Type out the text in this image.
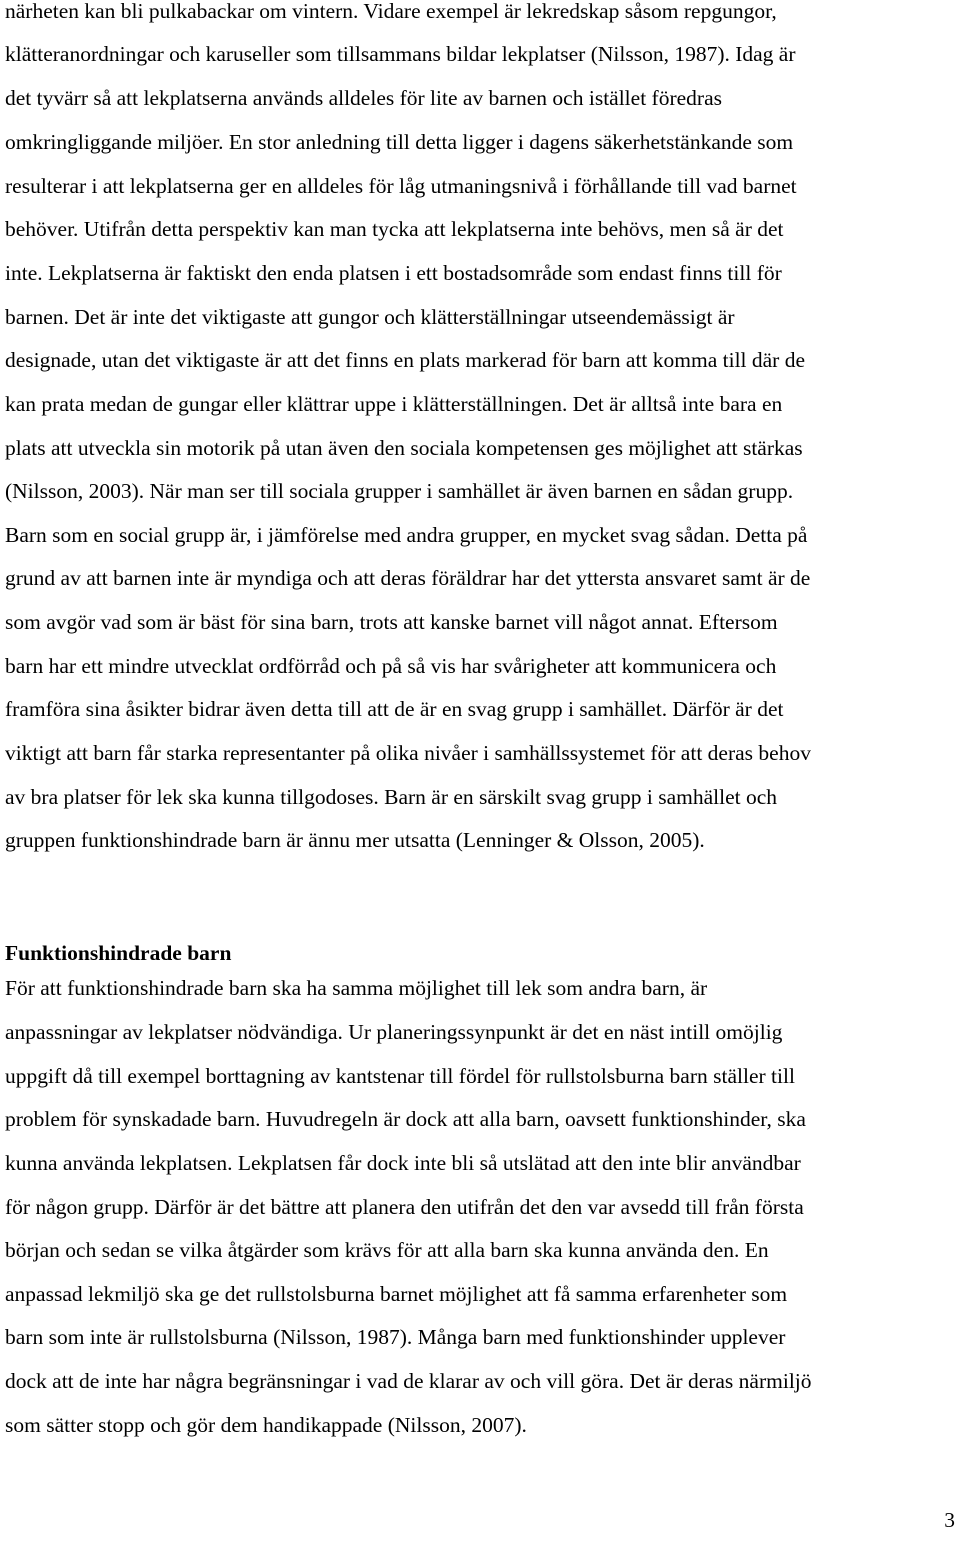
närheten kan bli pulkabackar om vintern. Vidare exempel är lekredskap såsom repgungor,

klätteranordningar och karuseller som tillsammans bildar lekplatser (Nilsson, 1987). Idag är

det tyvärr så att lekplatserna används alldeles för lite av barnen och istället föredras

omkringliggande miljöer. En stor anledning till detta ligger i dagens säkerhetstänkande som

resulterar i att lekplatserna ger en alldeles för låg utmaningsnivå i förhållande till vad barnet

behöver. Utifrån detta perspektiv kan man tycka att lekplatserna inte behövs, men så är det

inte. Lekplatserna är faktiskt den enda platsen i ett bostadsområde som endast finns till för

barnen. Det är inte det viktigaste att gungor och klätterställningar utseendemässigt är

designade, utan det viktigaste är att det finns en plats markerad för barn att komma till där de

kan prata medan de gungar eller klättrar uppe i klätterställningen. Det är alltså inte bara en

plats att utveckla sin motorik på utan även den sociala kompetensen ges möjlighet att stärkas

(Nilsson, 2003). När man ser till sociala grupper i samhället är även barnen en sådan grupp.

Barn som en social grupp är, i jämförelse med andra grupper, en mycket svag sådan. Detta på

grund av att barnen inte är myndiga och att deras föräldrar har det yttersta ansvaret samt är de

som avgör vad som är bäst för sina barn, trots att kanske barnet vill något annat. Eftersom

barn har ett mindre utvecklat ordförråd och på så vis har svårigheter att kommunicera och

framföra sina åsikter bidrar även detta till att de är en svag grupp i samhället. Därför är det

viktigt att barn får starka representanter på olika nivåer i samhällssystemet för att deras behov

av bra platser för lek ska kunna tillgodoses. Barn är en särskilt svag grupp i samhället och

gruppen funktionshindrade barn är ännu mer utsatta (Lenninger & Olsson, 2005).

Funktionshindrade barn

För att funktionshindrade barn ska ha samma möjlighet till lek som andra barn, är

anpassningar av lekplatser nödvändiga. Ur planeringssynpunkt är det en näst intill omöjlig

uppgift då till exempel borttagning av kantstenar till fördel för rullstolsburna barn ställer till

problem för synskadade barn. Huvudregeln är dock att alla barn, oavsett funktionshinder, ska

kunna använda lekplatsen. Lekplatsen får dock inte bli så utslätad att den inte blir användbar

för någon grupp. Därför är det bättre att planera den utifrån det den var avsedd till från första

början och sedan se vilka åtgärder som krävs för att alla barn ska kunna använda den. En

anpassad lekmiljö ska ge det rullstolsburna barnet möjlighet att få samma erfarenheter som

barn som inte är rullstolsburna (Nilsson, 1987). Många barn med funktionshinder upplever

dock att de inte har några begränsningar i vad de klarar av och vill göra. Det är deras närmiljö

som sätter stopp och gör dem handikappade (Nilsson, 2007).

3
